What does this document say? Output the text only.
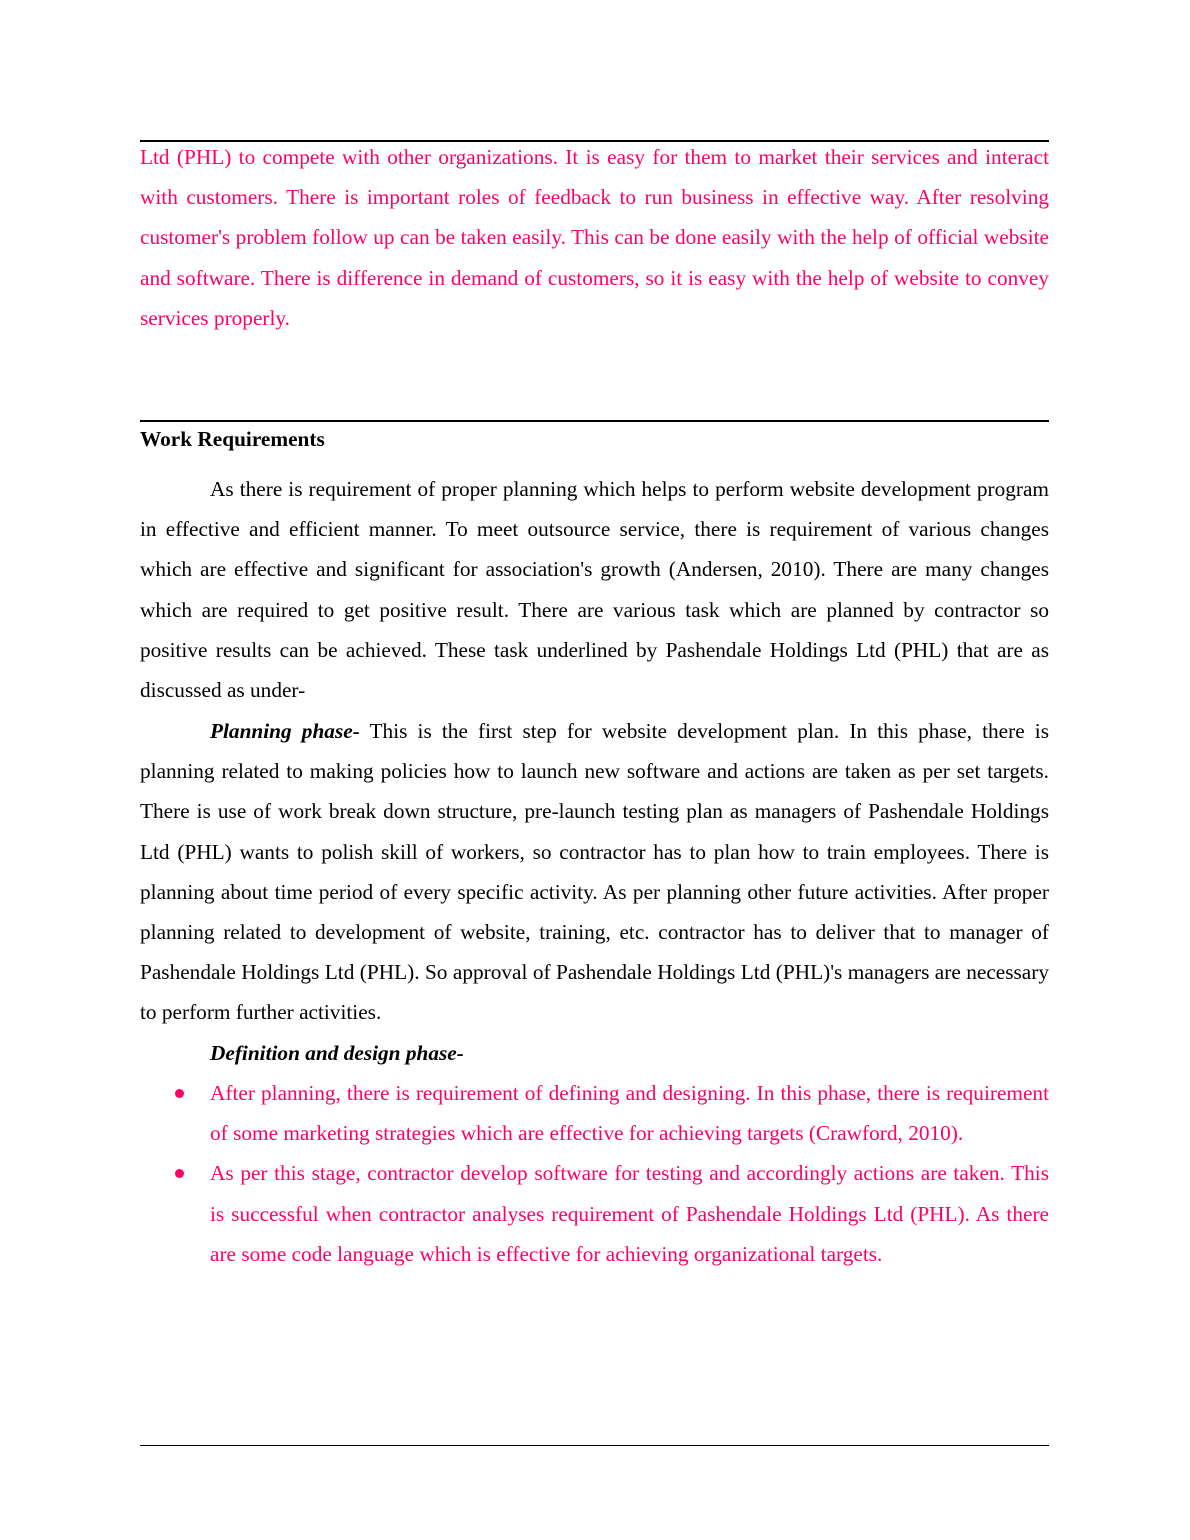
Ltd (PHL) to compete with other organizations. It is easy for them to market their services and interact with customers. There is important roles of feedback to run business in effective way. After resolving customer's problem follow up can be taken easily. This can be done easily with the help of official website and software. There is difference in demand of customers, so it is easy with the help of website to convey services properly.

Work Requirements

As there is requirement of proper planning which helps to perform website development program in effective and efficient manner. To meet outsource service, there is requirement of various changes which are effective and significant for association's growth (Andersen, 2010). There are many changes which are required to get positive result. There are various task which are planned by contractor so positive results can be achieved. These task underlined by Pashendale Holdings Ltd (PHL) that are as discussed as under-

Planning phase- This is the first step for website development plan. In this phase, there is planning related to making policies how to launch new software and actions are taken as per set targets. There is use of work break down structure, pre-launch testing plan as managers of Pashendale Holdings Ltd (PHL) wants to polish skill of workers, so contractor has to plan how to train employees. There is planning about time period of every specific activity. As per planning other future activities. After proper planning related to development of website, training, etc. contractor has to deliver that to manager of Pashendale Holdings Ltd (PHL). So approval of Pashendale Holdings Ltd (PHL)'s managers are necessary to perform further activities.

Definition and design phase-

After planning, there is requirement of defining and designing. In this phase, there is requirement of some marketing strategies which are effective for achieving targets (Crawford, 2010).
As per this stage, contractor develop software for testing and accordingly actions are taken. This is successful when contractor analyses requirement of Pashendale Holdings Ltd (PHL). As there are some code language which is effective for achieving organizational targets.
